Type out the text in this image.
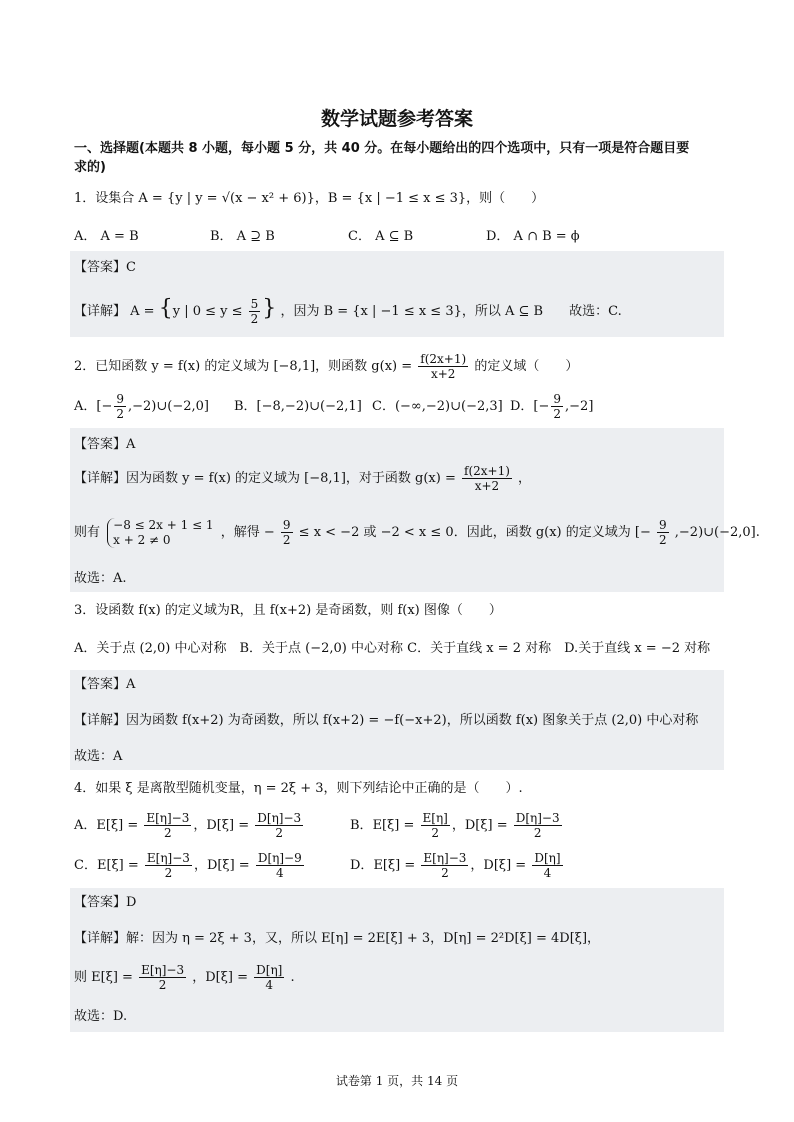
数学试题参考答案
一、选择题(本题共 8 小题，每小题 5 分，共 40 分。在每小题给出的四个选项中，只有一项是符合题目要
求的)
1．设集合 A = {y | y = √(x − x² + 6)}，B = {x | −1 ≤ x ≤ 3}，则（　　）
A． A = B	B． A ⊇ B	C． A ⊆ B	D． A ∩ B = ϕ
【答案】C
【详解】 A = {y | $0 \le y \le \frac{5}{2}$ } ，因为 B = {x | −1 ≤ x ≤ 3}，所以 A ⊆ B　　故选：C.
2．已知函数 y = f(x) 的定义域为 [−8,1]，则函数 $g(x) = \frac{f(2x+1)}{x+2}$ 的定义域（　　）
A．[− $\frac{9}{2}$ ,−2)∪(−2,0] B．[−8,−2)∪(−2,1] C．(−∞,−2)∪(−2,3] D．[− $\frac{9}{2} ,-2$]
【答案】A
【详解】因为函数 y = f(x) 的定义域为 [−8,1]，对于函数 $g(x) = \frac{f(2x+1)}{x+2}$ ，
则有
−8 ≤ 2x + 1 ≤ 1
x + 2 ≠ 0	，解得 − $\frac{9}{2} \le x < -2$ 或 −2 < x ≤ 0．因此，函数 g(x) 的定义域为 [− $\frac{9}{2}$ ,−2)∪(−2,0].
故选：A.
3．设函数 f(x) 的定义域为R，且 f(x+2) 是奇函数，则 f(x) 图像（　　）
A．关于点 (2,0) 中心对称　B．关于点 (−2,0) 中心对称 C．关于直线 x = 2 对称　D.关于直线 x = −2 对称
【答案】A
【详解】因为函数 f(x+2) 为奇函数，所以 f(x+2) = −f(−x+2)，所以函数 f(x) 图象关于点 (2,0) 中心对称
故选：A
4．如果 ξ 是离散型随机变量，η = 2ξ + 3，则下列结论中正确的是（　　）.
A．$E[\xi] = \frac{E[\eta]-3}{2}$ ，$D[\xi] = \frac{D[\eta]-3}{2}$	B．$E[\xi] = \frac{E[\eta]}{2}$ ，$D[\xi] = \frac{D[\eta]-3}{2}$
C．$E[\xi] = \frac{E[\eta]-3}{2}$ ，$D[\xi] = \frac{D[\eta]-9}{4}$	D．$E[\xi] = \frac{E[\eta]-3}{2}$ ，$D[\xi] = \frac{D[\eta]}{4}$
【答案】D
【详解】解：因为 η = 2ξ + 3，又，所以 E[η] = 2E[ξ] + 3，D[η] = 2²D[ξ] = 4D[ξ]，
则 $E[\xi] = \frac{E[\eta]-3}{2}$ ，$D[\xi] = \frac{D[\eta]}{4}$ .
故选：D.
试卷第 1 页，共 14 页
